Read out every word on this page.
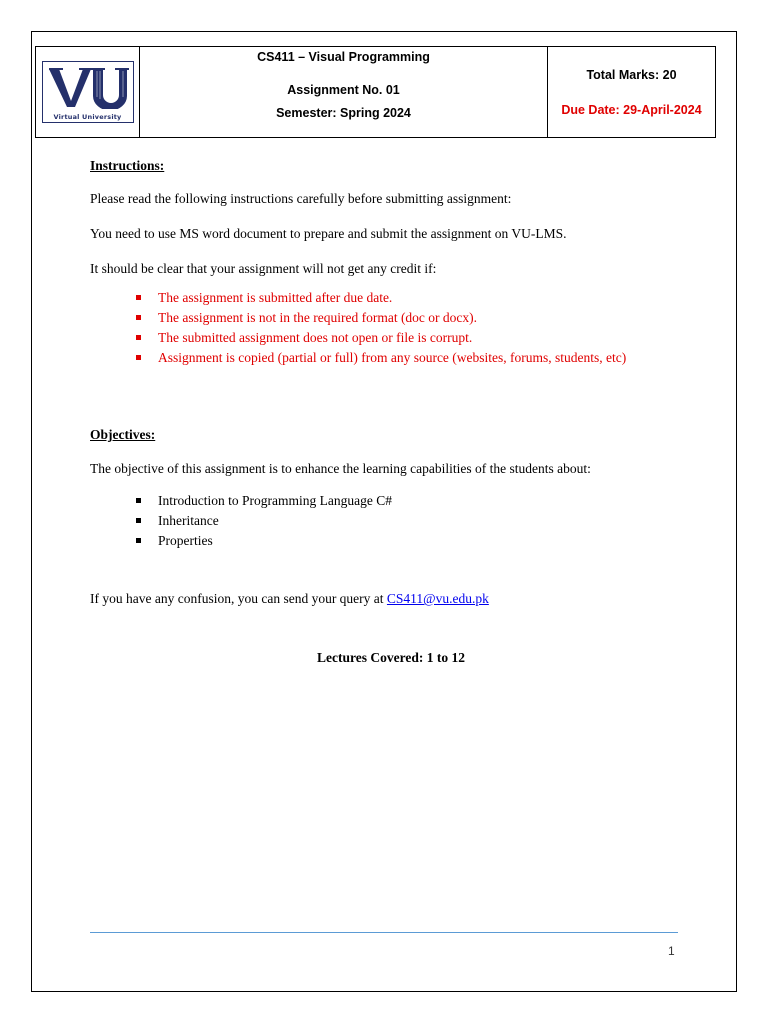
Virtual University
CS411 – Visual Programming
Assignment No. 01
Semester: Spring 2024
Total Marks: 20
Due Date: 29-April-2024
Instructions:
Please read the following instructions carefully before submitting assignment:
You need to use MS word document to prepare and submit the assignment on VU-LMS.
It should be clear that your assignment will not get any credit if:
The assignment is submitted after due date.
The assignment is not in the required format (doc or docx).
The submitted assignment does not open or file is corrupt.
Assignment is copied (partial or full) from any source (websites, forums, students, etc)
Objectives:
The objective of this assignment is to enhance the learning capabilities of the students about:
Introduction to Programming Language C#
Inheritance
Properties
If you have any confusion, you can send your query at CS411@vu.edu.pk
Lectures Covered: 1 to 12
1
